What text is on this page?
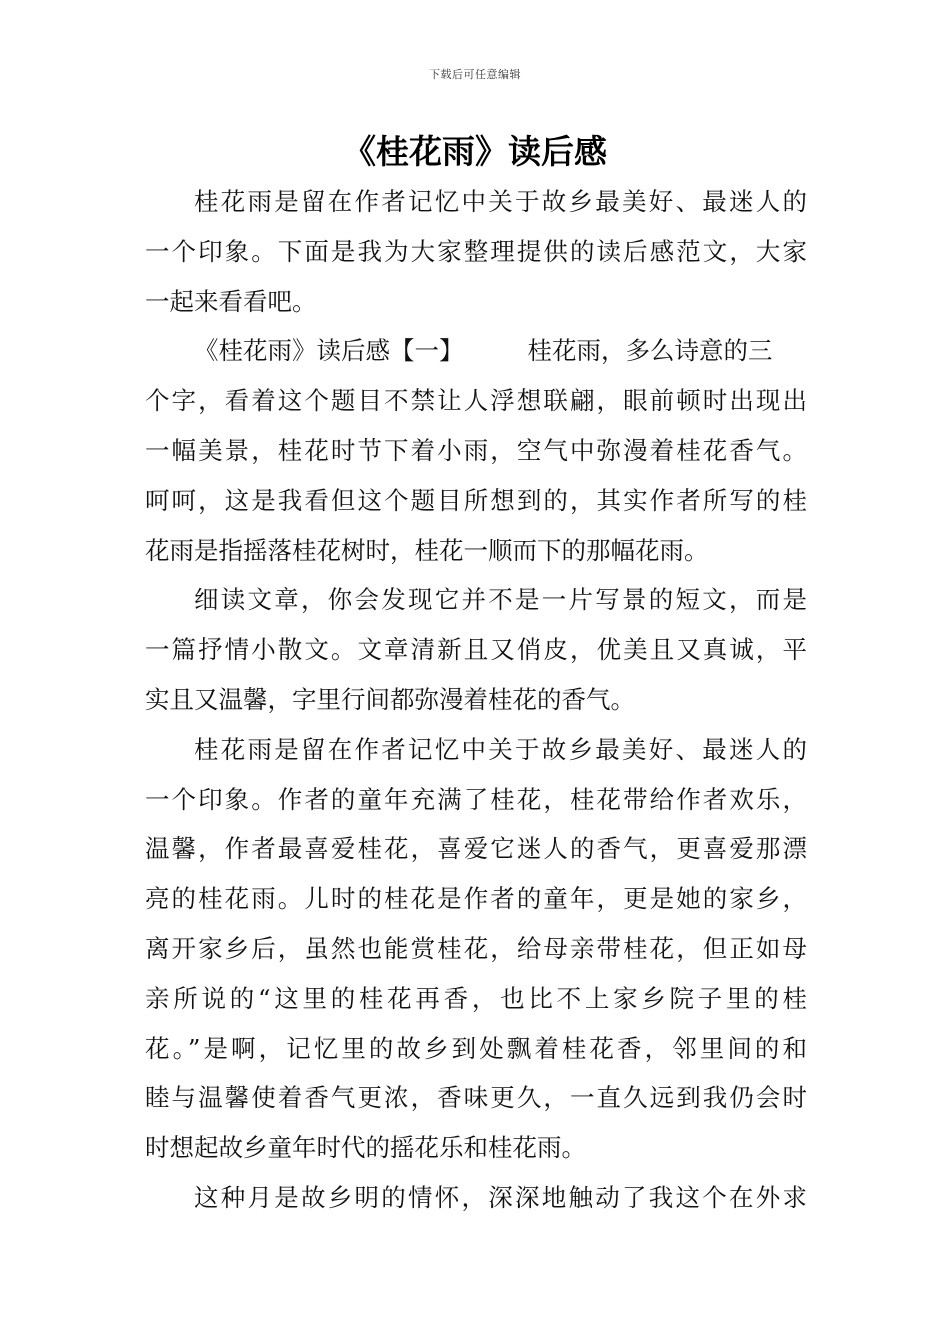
下载后可任意编辑
《桂花雨》读后感
桂花雨是留在作者记忆中关于故乡最美好、最迷人的
一个印象。下面是我为大家整理提供的读后感范文，大家
一起来看看吧。
《桂花雨》读后感【一】	桂花雨，多么诗意的三
个字，看着这个题目不禁让人浮想联翩，眼前顿时出现出
一幅美景，桂花时节下着小雨，空气中弥漫着桂花香气。
呵呵，这是我看但这个题目所想到的，其实作者所写的桂
花雨是指摇落桂花树时，桂花一顺而下的那幅花雨。
细读文章，你会发现它并不是一片写景的短文，而是
一篇抒情小散文。文章清新且又俏皮，优美且又真诚，平
实且又温馨，字里行间都弥漫着桂花的香气。
桂花雨是留在作者记忆中关于故乡最美好、最迷人的
一个印象。作者的童年充满了桂花，桂花带给作者欢乐，
温馨，作者最喜爱桂花，喜爱它迷人的香气，更喜爱那漂
亮的桂花雨。儿时的桂花是作者的童年，更是她的家乡，
离开家乡后，虽然也能赏桂花，给母亲带桂花，但正如母
亲所说的“这里的桂花再香，也比不上家乡院子里的桂
花。”是啊，记忆里的故乡到处飘着桂花香，邻里间的和
睦与温馨使着香气更浓，香味更久，一直久远到我仍会时
时想起故乡童年时代的摇花乐和桂花雨。
这种月是故乡明的情怀，深深地触动了我这个在外求
